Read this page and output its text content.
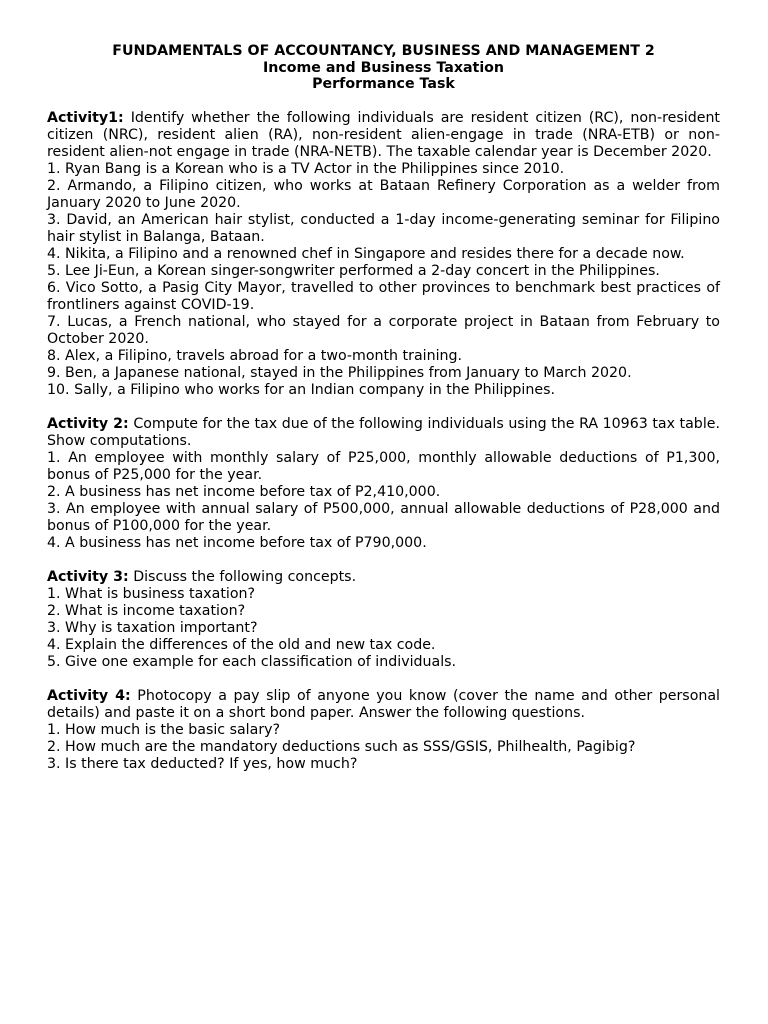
FUNDAMENTALS OF ACCOUNTANCY, BUSINESS AND MANAGEMENT 2
Income and Business Taxation
Performance Task
Activity1: Identify whether the following individuals are resident citizen (RC), non-resident citizen (NRC), resident alien (RA), non-resident alien-engage in trade (NRA-ETB) or non-resident alien-not engage in trade (NRA-NETB). The taxable calendar year is December 2020.
1. Ryan Bang is a Korean who is a TV Actor in the Philippines since 2010.
2. Armando, a Filipino citizen, who works at Bataan Refinery Corporation as a welder from January 2020 to June 2020.
3. David, an American hair stylist, conducted a 1-day income-generating seminar for Filipino hair stylist in Balanga, Bataan.
4. Nikita, a Filipino and a renowned chef in Singapore and resides there for a decade now.
5. Lee Ji-Eun, a Korean singer-songwriter performed a 2-day concert in the Philippines.
6. Vico Sotto, a Pasig City Mayor, travelled to other provinces to benchmark best practices of frontliners against COVID-19.
7. Lucas, a French national, who stayed for a corporate project in Bataan from February to October 2020.
8. Alex, a Filipino, travels abroad for a two-month training.
9. Ben, a Japanese national, stayed in the Philippines from January to March 2020.
10. Sally, a Filipino who works for an Indian company in the Philippines.
Activity 2: Compute for the tax due of the following individuals using the RA 10963 tax table. Show computations.
1. An employee with monthly salary of P25,000, monthly allowable deductions of P1,300, bonus of P25,000 for the year.
2. A business has net income before tax of P2,410,000.
3. An employee with annual salary of P500,000, annual allowable deductions of P28,000 and bonus of P100,000 for the year.
4. A business has net income before tax of P790,000.
Activity 3: Discuss the following concepts.
1. What is business taxation?
2. What is income taxation?
3. Why is taxation important?
4. Explain the differences of the old and new tax code.
5. Give one example for each classification of individuals.
Activity 4: Photocopy a pay slip of anyone you know (cover the name and other personal details) and paste it on a short bond paper. Answer the following questions.
1. How much is the basic salary?
2. How much are the mandatory deductions such as SSS/GSIS, Philhealth, Pagibig?
3. Is there tax deducted? If yes, how much?
